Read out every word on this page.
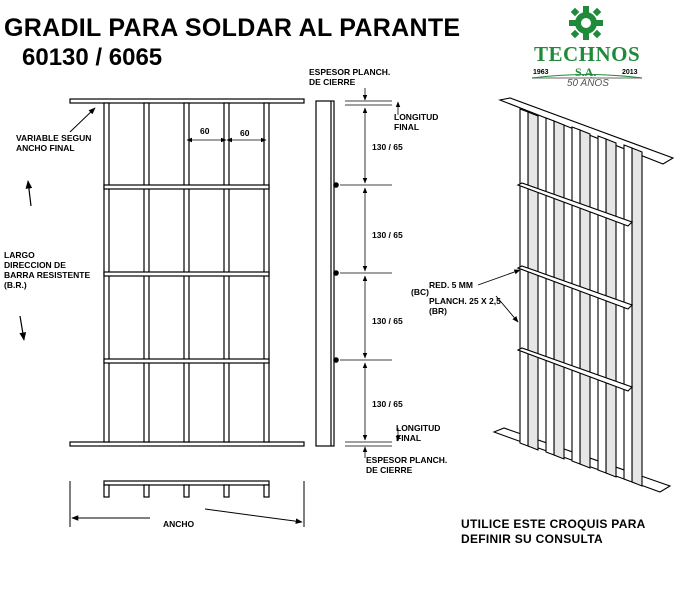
GRADIL PARA SOLDAR AL PARANTE
60130 / 6065	TECHNOS
1963 S.A.	2013
50 AÑOS
VARIABLE SEGUN
ANCHO FINAL
60	60
LARGO
DIRECCION DE
BARRA RESISTENTE
(B.R.)
ANCHO
ESPESOR PLANCH.
DE CIERRE
LONGITUD
FINAL
130 / 65
130 / 65
130 / 65
130 / 65
LONGITUD
FINAL
ESPESOR PLANCH.
DE CIERRE
(BC)
RED. 5 MM
PLANCH. 25 X 2,5
(BR)
UTILICE ESTE CROQUIS PARA
DEFINIR SU CONSULTA
